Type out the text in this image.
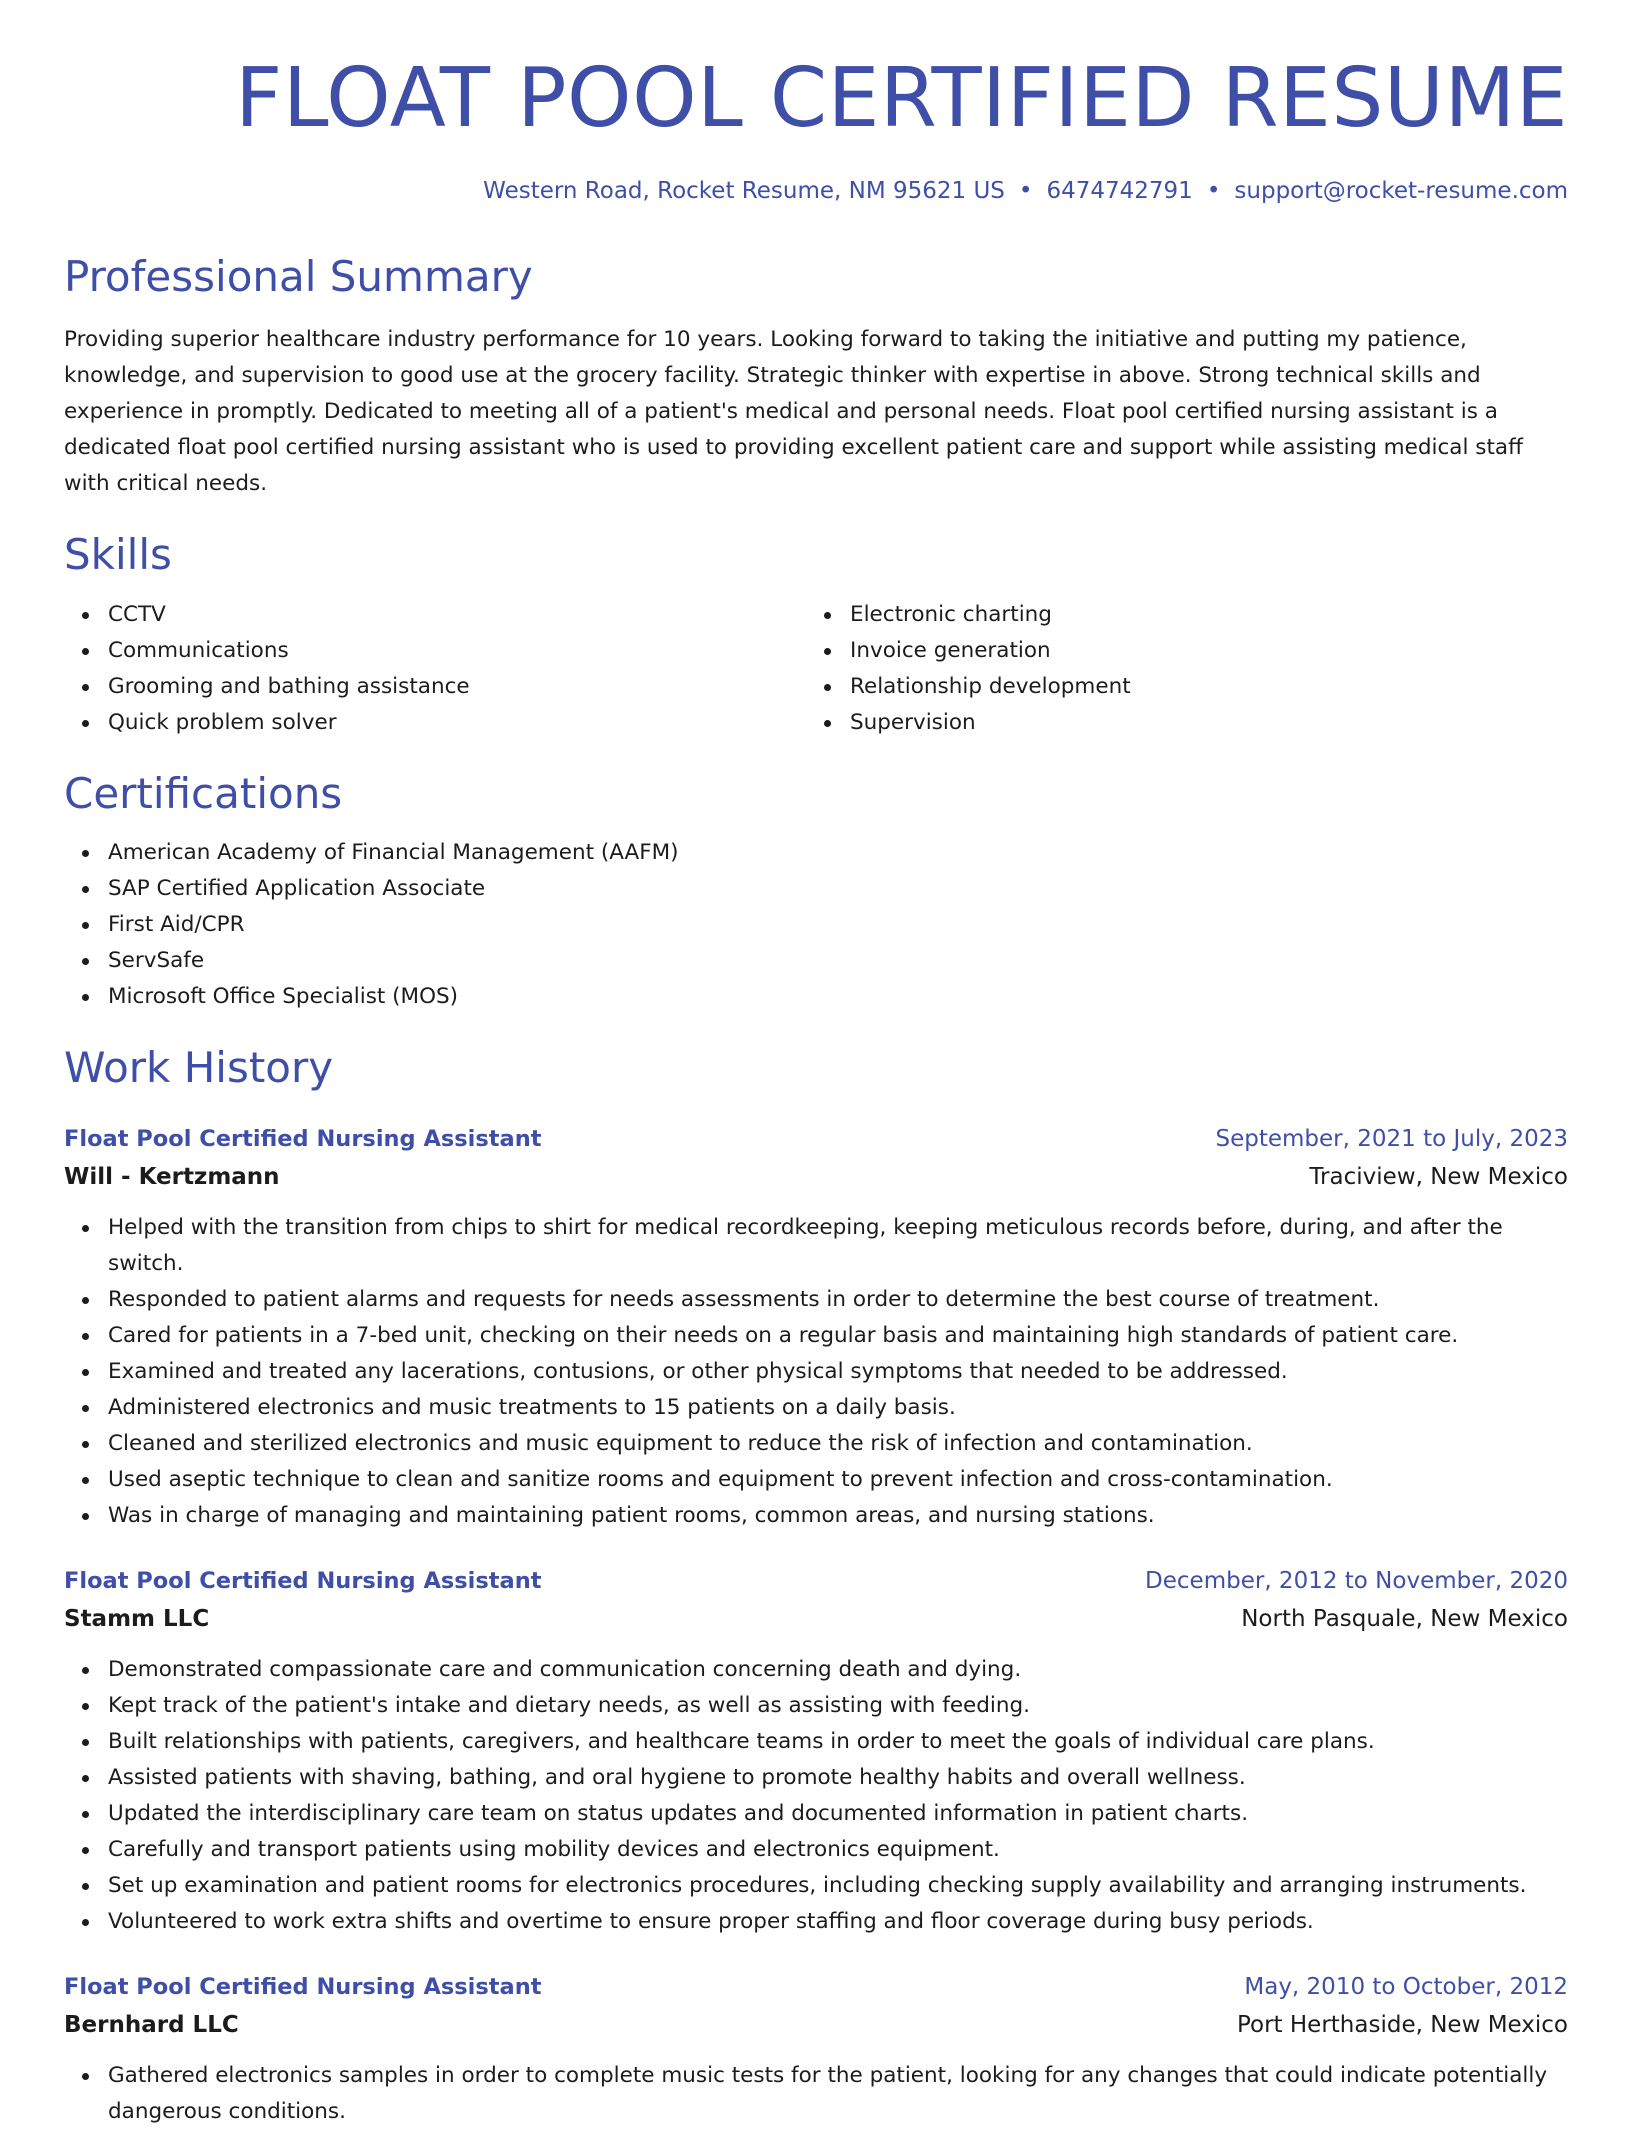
FLOAT POOL CERTIFIED RESUME
Western Road, Rocket Resume, NM 95621 US • 6474742791 • support@rocket-resume.com
Professional Summary

Providing superior healthcare industry performance for 10 years. Looking forward to taking the initiative and putting my patience, knowledge, and supervision to good use at the grocery facility. Strategic thinker with expertise in above. Strong technical skills and experience in promptly. Dedicated to meeting all of a patient's medical and personal needs. Float pool certified nursing assistant is a dedicated float pool certified nursing assistant who is used to providing excellent patient care and support while assisting medical staff with critical needs.

Skills
CCTV
Communications
Grooming and bathing assistance
Quick problem solver
Electronic charting
Invoice generation
Relationship development
Supervision
Certifications
American Academy of Financial Management (AAFM)
SAP Certified Application Associate
First Aid/CPR
ServSafe
Microsoft Office Specialist (MOS)
Work History
Float Pool Certified Nursing Assistant	September, 2021 to July, 2023
Will - Kertzmann	Traciview, New Mexico
Helped with the transition from chips to shirt for medical recordkeeping, keeping meticulous records before, during, and after the switch.
Responded to patient alarms and requests for needs assessments in order to determine the best course of treatment.
Cared for patients in a 7-bed unit, checking on their needs on a regular basis and maintaining high standards of patient care.
Examined and treated any lacerations, contusions, or other physical symptoms that needed to be addressed.
Administered electronics and music treatments to 15 patients on a daily basis.
Cleaned and sterilized electronics and music equipment to reduce the risk of infection and contamination.
Used aseptic technique to clean and sanitize rooms and equipment to prevent infection and cross-contamination.
Was in charge of managing and maintaining patient rooms, common areas, and nursing stations.
Float Pool Certified Nursing Assistant	December, 2012 to November, 2020
Stamm LLC	North Pasquale, New Mexico
Demonstrated compassionate care and communication concerning death and dying.
Kept track of the patient's intake and dietary needs, as well as assisting with feeding.
Built relationships with patients, caregivers, and healthcare teams in order to meet the goals of individual care plans.
Assisted patients with shaving, bathing, and oral hygiene to promote healthy habits and overall wellness.
Updated the interdisciplinary care team on status updates and documented information in patient charts.
Carefully and transport patients using mobility devices and electronics equipment.
Set up examination and patient rooms for electronics procedures, including checking supply availability and arranging instruments.
Volunteered to work extra shifts and overtime to ensure proper staffing and floor coverage during busy periods.
Float Pool Certified Nursing Assistant	May, 2010 to October, 2012
Bernhard LLC	Port Herthaside, New Mexico
Gathered electronics samples in order to complete music tests for the patient, looking for any changes that could indicate potentially dangerous conditions.
